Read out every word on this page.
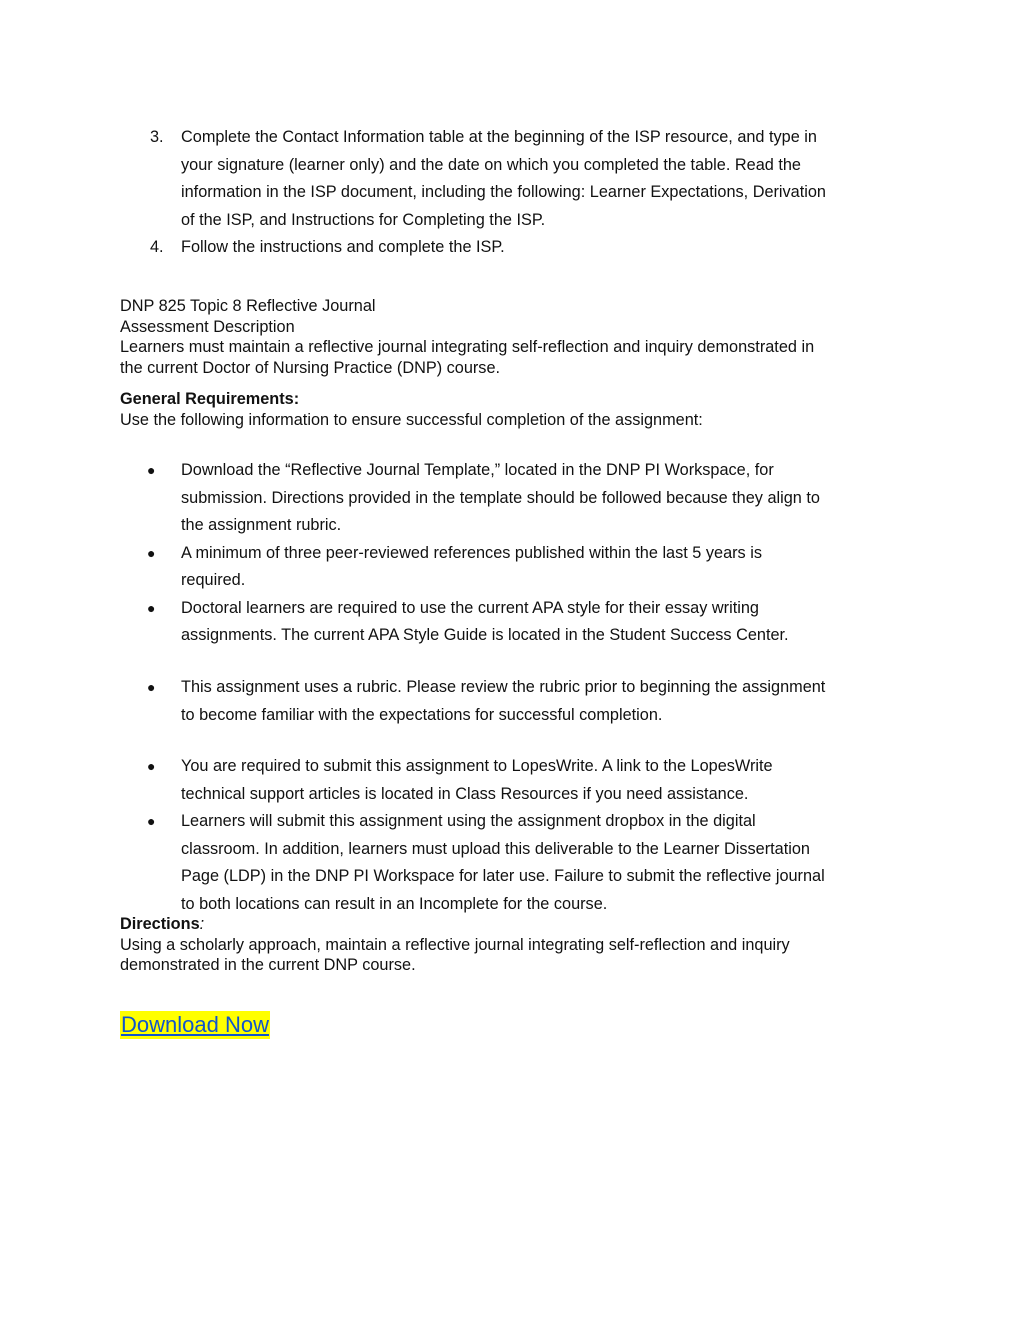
3. Complete the Contact Information table at the beginning of the ISP resource, and type in
your signature (learner only) and the date on which you completed the table. Read the
information in the ISP document, including the following: Learner Expectations, Derivation
of the ISP, and Instructions for Completing the ISP.
4. Follow the instructions and complete the ISP.
DNP 825 Topic 8 Reflective Journal
Assessment Description
Learners must maintain a reflective journal integrating self-reflection and inquiry demonstrated in
the current Doctor of Nursing Practice (DNP) course.
General Requirements:
Use the following information to ensure successful completion of the assignment:
● Download the “Reflective Journal Template,” located in the DNP PI Workspace, for
submission. Directions provided in the template should be followed because they align to
the assignment rubric.
● A minimum of three peer-reviewed references published within the last 5 years is
required.
● Doctoral learners are required to use the current APA style for their essay writing
assignments. The current APA Style Guide is located in the Student Success Center.
● This assignment uses a rubric. Please review the rubric prior to beginning the assignment
to become familiar with the expectations for successful completion.
● You are required to submit this assignment to LopesWrite. A link to the LopesWrite
technical support articles is located in Class Resources if you need assistance.
● Learners will submit this assignment using the assignment dropbox in the digital
classroom. In addition, learners must upload this deliverable to the Learner Dissertation
Page (LDP) in the DNP PI Workspace for later use. Failure to submit the reflective journal
to both locations can result in an Incomplete for the course.
Directions:
Using a scholarly approach, maintain a reflective journal integrating self-reflection and inquiry
demonstrated in the current DNP course.
Download Now
